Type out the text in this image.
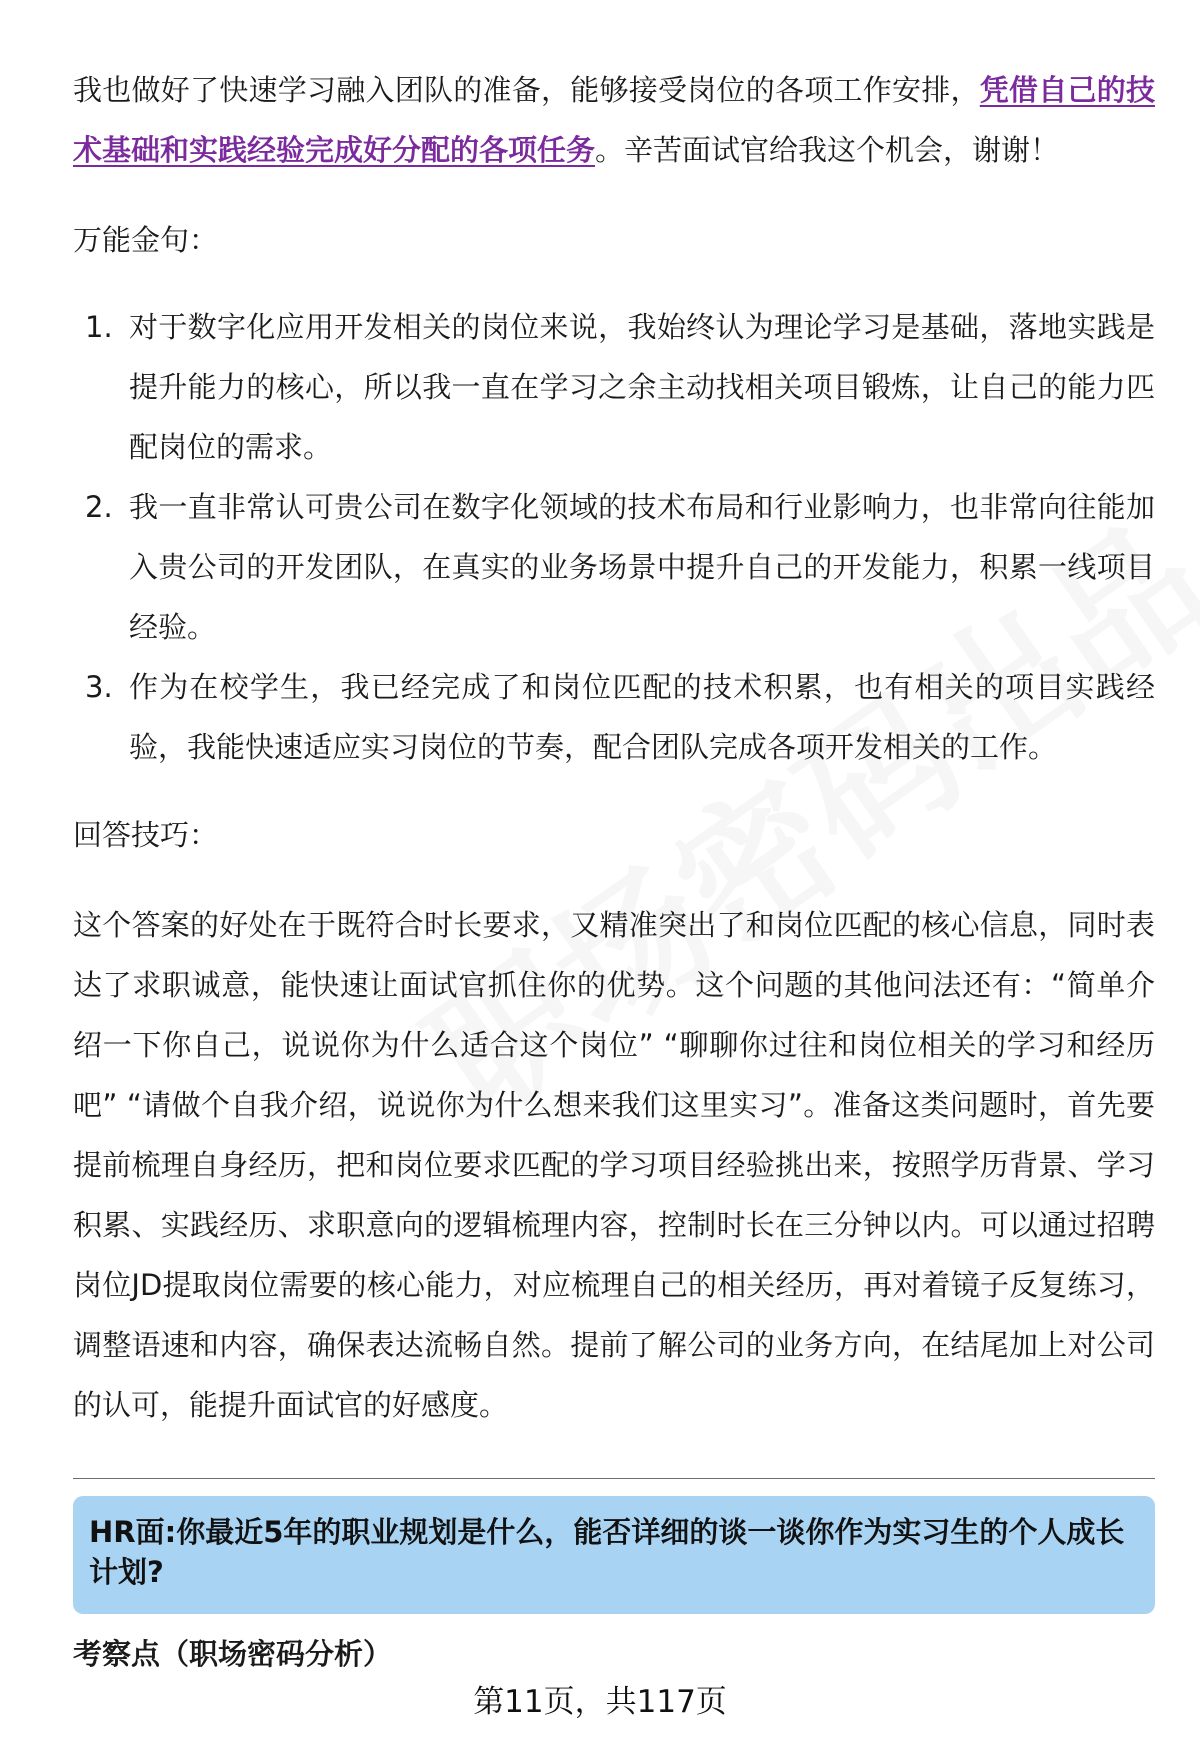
我也做好了快速学习融入团队的准备，能够接受岗位的各项工作安排，凭借自己的技术基础和实践经验完成好分配的各项任务。辛苦面试官给我这个机会，谢谢！

万能金句：
1. 对于数字化应用开发相关的岗位来说，我始终认为理论学习是基础，落地实践是提升能力的核心，所以我一直在学习之余主动找相关项目锻炼，让自己的能力匹配岗位的需求。
2. 我一直非常认可贵公司在数字化领域的技术布局和行业影响力，也非常向往能加入贵公司的开发团队，在真实的业务场景中提升自己的开发能力，积累一线项目经验。
3. 作为在校学生，我已经完成了和岗位匹配的技术积累，也有相关的项目实践经验，我能快速适应实习岗位的节奏，配合团队完成各项开发相关的工作。
回答技巧：

这个答案的好处在于既符合时长要求，又精准突出了和岗位匹配的核心信息，同时表达了求职诚意，能快速让面试官抓住你的优势。这个问题的其他问法还有：“简单介绍一下你自己，说说你为什么适合这个岗位” “聊聊你过往和岗位相关的学习和经历吧” “请做个自我介绍，说说你为什么想来我们这里实习”。准备这类问题时，首先要提前梳理自身经历，把和岗位要求匹配的学习项目经验挑出来，按照学历背景、学习积累、实践经历、求职意向的逻辑梳理内容，控制时长在三分钟以内。可以通过招聘岗位JD提取岗位需要的核心能力，对应梳理自己的相关经历，再对着镜子反复练习，调整语速和内容，确保表达流畅自然。提前了解公司的业务方向，在结尾加上对公司的认可，能提升面试官的好感度。

HR面:你最近5年的职业规划是什么，能否详细的谈一谈你作为实习生的个人成长计划?

考察点（职场密码分析）
第11页，共117页
